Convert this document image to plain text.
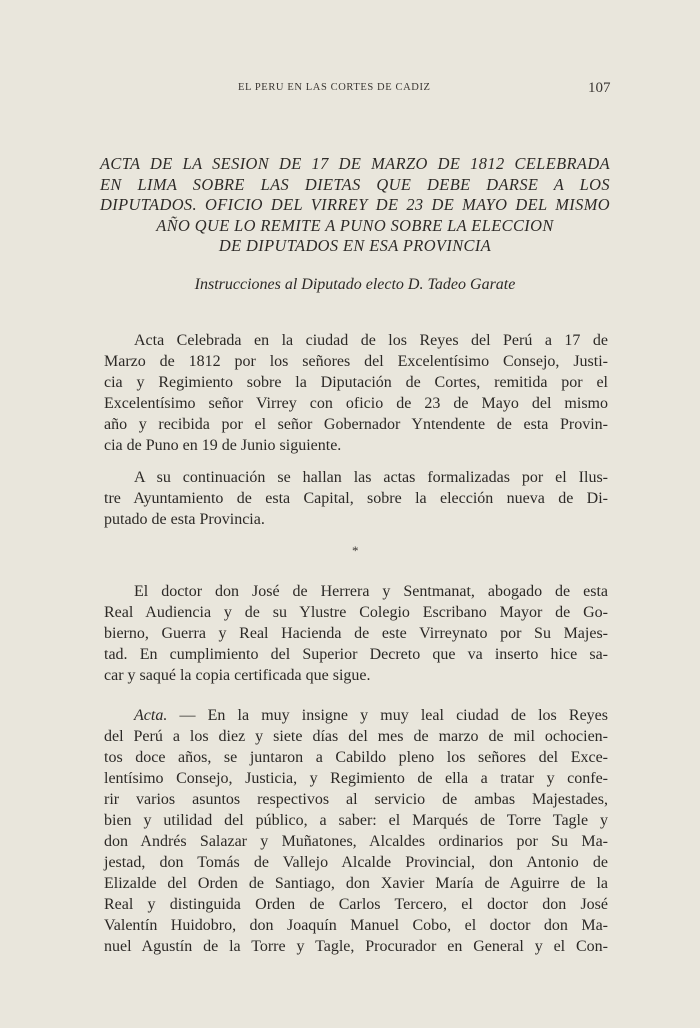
EL PERU EN LAS CORTES DE CADIZ	107
ACTA DE LA SESION DE 17 DE MARZO DE 1812 CELEBRADA
EN LIMA SOBRE LAS DIETAS QUE DEBE DARSE A LOS
DIPUTADOS. OFICIO DEL VIRREY DE 23 DE MAYO DEL MISMO
AÑO QUE LO REMITE A PUNO SOBRE LA ELECCION
DE DIPUTADOS EN ESA PROVINCIA
Instrucciones al Diputado electo D. Tadeo Garate
Acta Celebrada en la ciudad de los Reyes del Perú a 17 de
Marzo de 1812 por los señores del Excelentísimo Consejo, Justi-
cia y Regimiento sobre la Diputación de Cortes, remitida por el
Excelentísimo señor Virrey con oficio de 23 de Mayo del mismo
año y recibida por el señor Gobernador Yntendente de esta Provin-
cia de Puno en 19 de Junio siguiente.
A su continuación se hallan las actas formalizadas por el Ilus-
tre Ayuntamiento de esta Capital, sobre la elección nueva de Di-
putado de esta Provincia.
*
El doctor don José de Herrera y Sentmanat, abogado de esta
Real Audiencia y de su Ylustre Colegio Escribano Mayor de Go-
bierno, Guerra y Real Hacienda de este Virreynato por Su Majes-
tad. En cumplimiento del Superior Decreto que va inserto hice sa-
car y saqué la copia certificada que sigue.
Acta. — En la muy insigne y muy leal ciudad de los Reyes
del Perú a los diez y siete días del mes de marzo de mil ochocien-
tos doce años, se juntaron a Cabildo pleno los señores del Exce-
lentísimo Consejo, Justicia, y Regimiento de ella a tratar y confe-
rir varios asuntos respectivos al servicio de ambas Majestades,
bien y utilidad del público, a saber: el Marqués de Torre Tagle y
don Andrés Salazar y Muñatones, Alcaldes ordinarios por Su Ma-
jestad, don Tomás de Vallejo Alcalde Provincial, don Antonio de
Elizalde del Orden de Santiago, don Xavier María de Aguirre de la
Real y distinguida Orden de Carlos Tercero, el doctor don José
Valentín Huidobro, don Joaquín Manuel Cobo, el doctor don Ma-
nuel Agustín de la Torre y Tagle, Procurador en General y el Con-
